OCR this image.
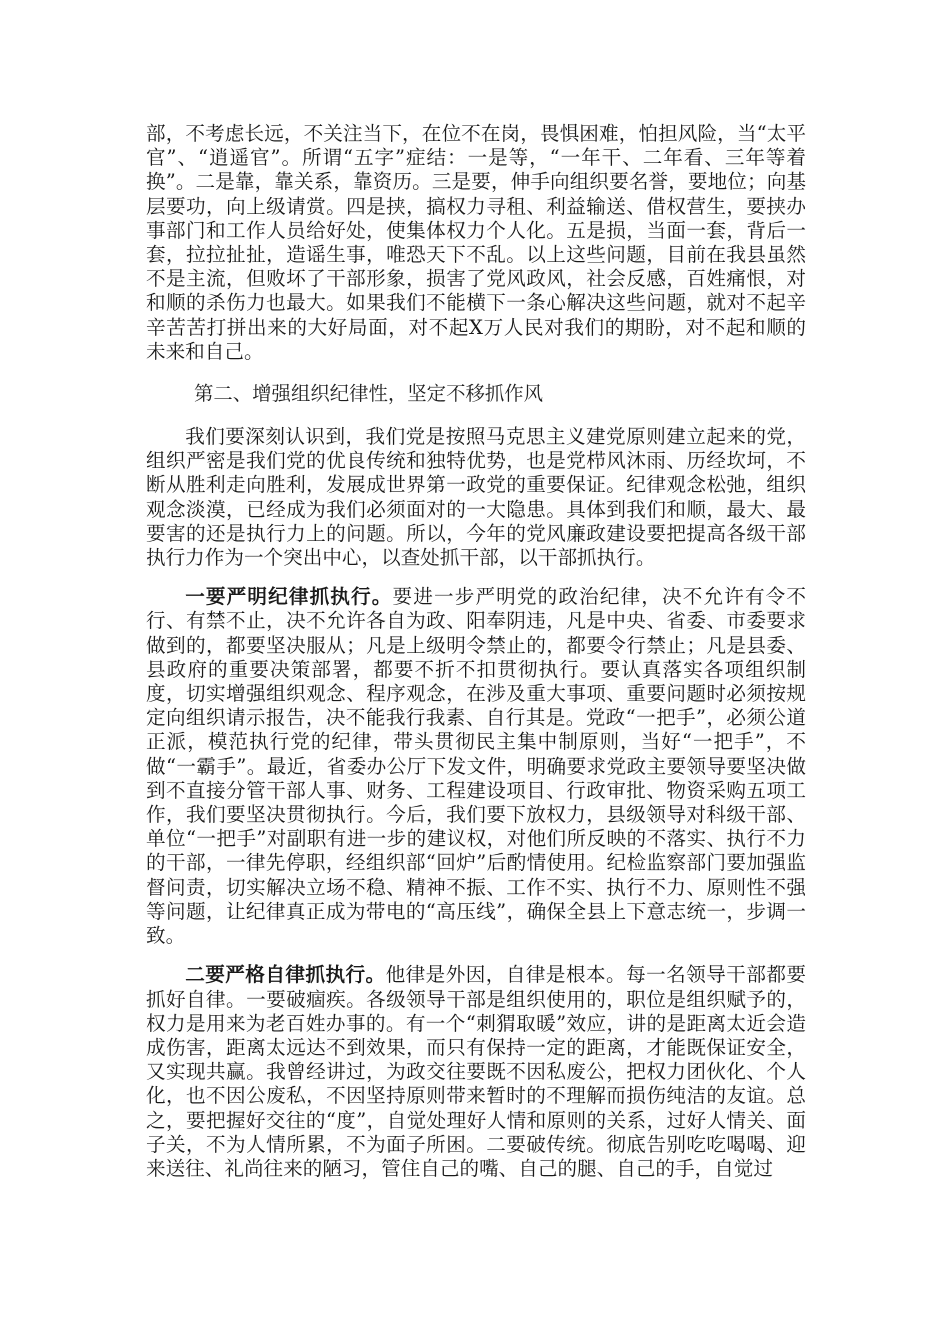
部，不考虑长远，不关注当下，在位不在岗，畏惧困难，怕担风险，当“太平官”、“逍遥官”。所谓“五字”症结：一是等，“一年干、二年看、三年等着换”。二是靠，靠关系，靠资历。三是要，伸手向组织要名誉，要地位；向基层要功，向上级请赏。四是挟，搞权力寻租、利益输送、借权营生，要挟办事部门和工作人员给好处，使集体权力个人化。五是损，当面一套，背后一套，拉拉扯扯，造谣生事，唯恐天下不乱。以上这些问题，目前在我县虽然不是主流，但败坏了干部形象，损害了党风政风，社会反感，百姓痛恨，对和顺的杀伤力也最大。如果我们不能横下一条心解决这些问题，就对不起辛辛苦苦打拼出来的大好局面，对不起X万人民对我们的期盼，对不起和顺的未来和自己。

第二、增强组织纪律性，坚定不移抓作风

我们要深刻认识到，我们党是按照马克思主义建党原则建立起来的党，组织严密是我们党的优良传统和独特优势，也是党栉风沐雨、历经坎坷，不断从胜利走向胜利，发展成世界第一政党的重要保证。纪律观念松弛，组织观念淡漠，已经成为我们必须面对的一大隐患。具体到我们和顺，最大、最要害的还是执行力上的问题。所以，今年的党风廉政建设要把提高各级干部执行力作为一个突出中心，以查处抓干部，以干部抓执行。

一要严明纪律抓执行。要进一步严明党的政治纪律，决不允许有令不行、有禁不止，决不允许各自为政、阳奉阴违，凡是中央、省委、市委要求做到的，都要坚决服从；凡是上级明令禁止的，都要令行禁止；凡是县委、县政府的重要决策部署，都要不折不扣贯彻执行。要认真落实各项组织制度，切实增强组织观念、程序观念，在涉及重大事项、重要问题时必须按规定向组织请示报告，决不能我行我素、自行其是。党政“一把手”，必须公道正派，模范执行党的纪律，带头贯彻民主集中制原则，当好“一把手”，不做“一霸手”。最近，省委办公厅下发文件，明确要求党政主要领导要坚决做到不直接分管干部人事、财务、工程建设项目、行政审批、物资采购五项工作，我们要坚决贯彻执行。今后，我们要下放权力，县级领导对科级干部、单位“一把手”对副职有进一步的建议权，对他们所反映的不落实、执行不力的干部，一律先停职，经组织部“回炉”后酌情使用。纪检监察部门要加强监督问责，切实解决立场不稳、精神不振、工作不实、执行不力、原则性不强等问题，让纪律真正成为带电的“高压线”，确保全县上下意志统一，步调一致。

二要严格自律抓执行。他律是外因，自律是根本。每一名领导干部都要抓好自律。一要破痼疾。各级领导干部是组织使用的，职位是组织赋予的，权力是用来为老百姓办事的。有一个“刺猬取暖”效应，讲的是距离太近会造成伤害，距离太远达不到效果，而只有保持一定的距离，才能既保证安全，又实现共赢。我曾经讲过，为政交往要既不因私废公，把权力团伙化、个人化，也不因公废私，不因坚持原则带来暂时的不理解而损伤纯洁的友谊。总之，要把握好交往的“度”，自觉处理好人情和原则的关系，过好人情关、面子关，不为人情所累，不为面子所困。二要破传统。彻底告别吃吃喝喝、迎来送往、礼尚往来的陋习，管住自己的嘴、自己的腿、自己的手，自觉过
